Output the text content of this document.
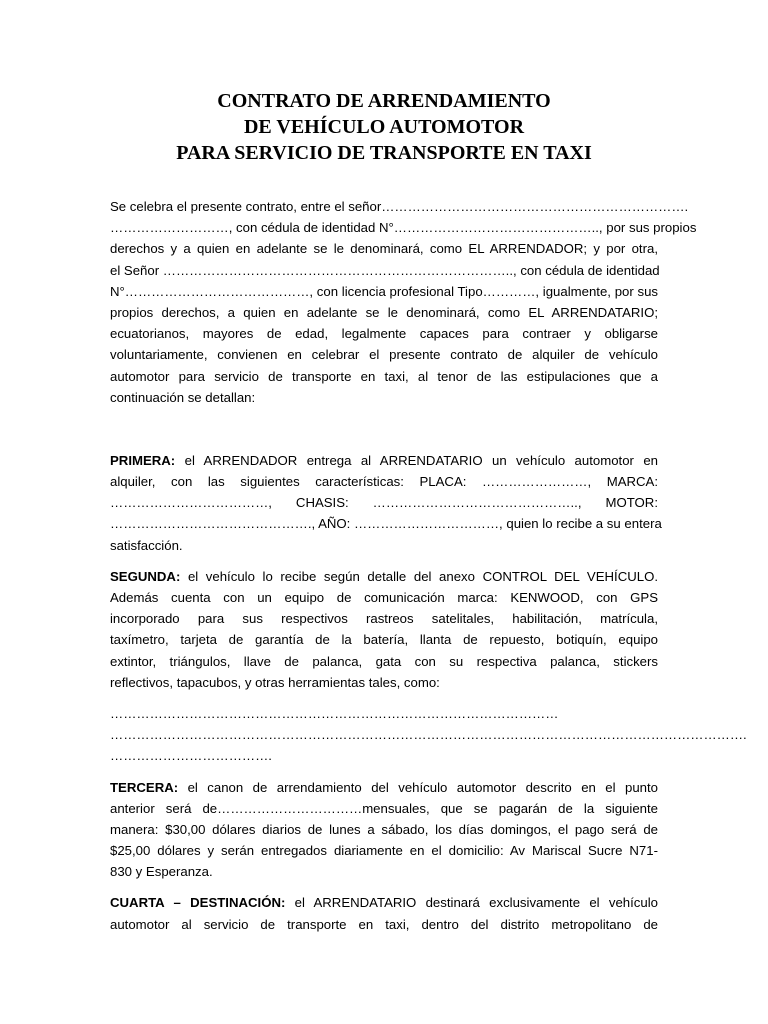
CONTRATO DE ARRENDAMIENTO
DE VEHÍCULO AUTOMOTOR
PARA SERVICIO DE TRANSPORTE EN TAXI
Se celebra el presente contrato, entre el señor…………………………………………………………….
………………………, con cédula de identidad N°……………………………………….., por sus propios
derechos y a quien en adelante se le denominará, como EL ARRENDADOR; y por otra,
el Señor …………………………………………………………………….., con cédula de identidad
N°……………………………………, con licencia profesional Tipo…………, igualmente, por sus
propios derechos, a quien en adelante se le denominará, como EL ARRENDATARIO;
ecuatorianos, mayores de edad, legalmente capaces para contraer y obligarse
voluntariamente, convienen en celebrar el presente contrato de alquiler de vehículo
automotor para servicio de transporte en taxi, al tenor de las estipulaciones que a
continuación se detallan:
PRIMERA: el ARRENDADOR entrega al ARRENDATARIO un vehículo automotor en
alquiler, con las siguientes características: PLACA: ……………………, MARCA:
………………………………, CHASIS: ……………………………………….., MOTOR:
………………………………………., AÑO: ……………………………, quien lo recibe a su entera
satisfacción.
SEGUNDA: el vehículo lo recibe según detalle del anexo CONTROL DEL VEHÍCULO.
Además cuenta con un equipo de comunicación marca: KENWOOD, con GPS
incorporado para sus respectivos rastreos satelitales, habilitación, matrícula,
taxímetro, tarjeta de garantía de la batería, llanta de repuesto, botiquín, equipo
extintor, triángulos, llave de palanca, gata con su respectiva palanca, stickers
reflectivos, tapacubos, y otras herramientas tales, como:
…………………………………………………………………………………………
……………………………………………………………………………………………………………………………….
……………………………….
TERCERA: el canon de arrendamiento del vehículo automotor descrito en el punto
anterior será de……………………………mensuales, que se pagarán de la siguiente
manera: $30,00 dólares diarios de lunes a sábado, los días domingos, el pago será de
$25,00 dólares y serán entregados diariamente en el domicilio: Av Mariscal Sucre N71-
830 y Esperanza.
CUARTA – DESTINACIÓN: el ARRENDATARIO destinará exclusivamente el vehículo
automotor al servicio de transporte en taxi, dentro del distrito metropolitano de
